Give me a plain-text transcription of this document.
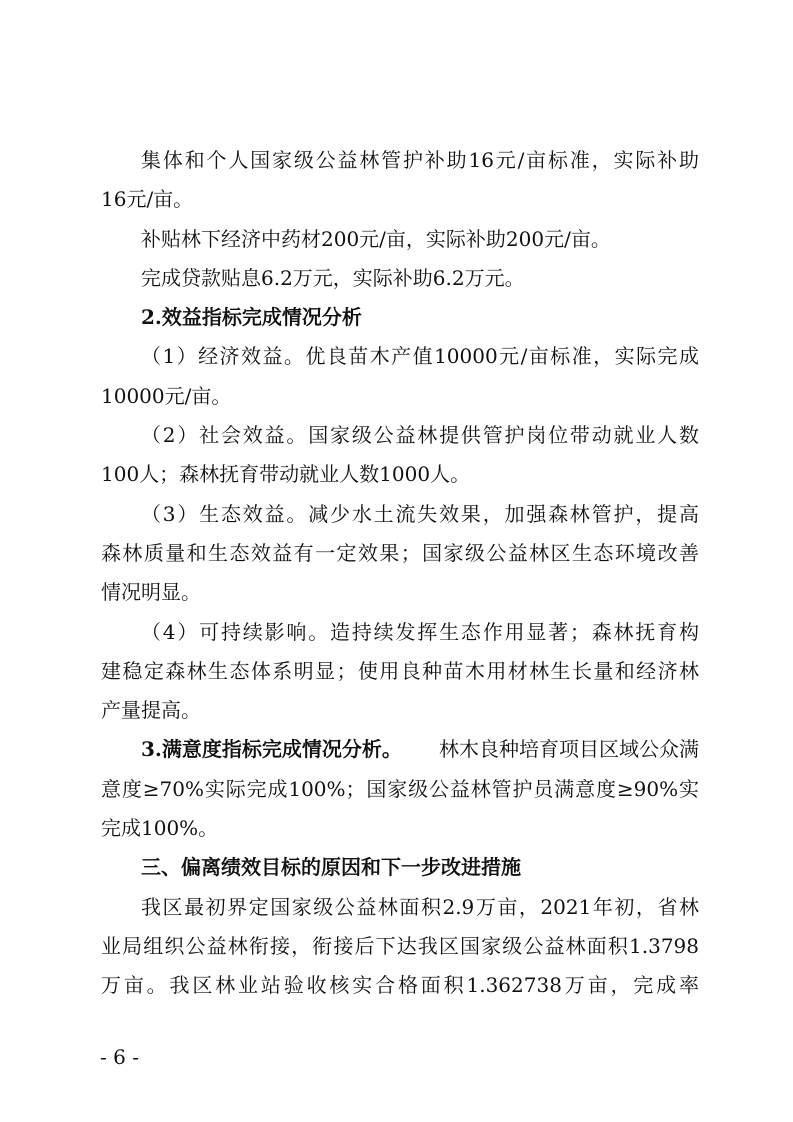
集体和个人国家级公益林管护补助16元/亩标准，实际补助
16元/亩。
补贴林下经济中药材200元/亩，实际补助200元/亩。
完成贷款贴息6.2万元，实际补助6.2万元。
2.效益指标完成情况分析
（1）经济效益。优良苗木产值10000元/亩标准，实际完成
10000元/亩。
（2）社会效益。国家级公益林提供管护岗位带动就业人数
100人；森林抚育带动就业人数1000人。
（3）生态效益。减少水土流失效果，加强森林管护，提高
森林质量和生态效益有一定效果；国家级公益林区生态环境改善
情况明显。
（4）可持续影响。造持续发挥生态作用显著；森林抚育构
建稳定森林生态体系明显；使用良种苗木用材林生长量和经济林
产量提高。
3.满意度指标完成情况分析。 林木良种培育项目区域公众满
意度≥70%实际完成100%；国家级公益林管护员满意度≥90%实
完成100%。
三、偏离绩效目标的原因和下一步改进措施
我区最初界定国家级公益林面积2.9万亩，2021年初，省林
业局组织公益林衔接，衔接后下达我区国家级公益林面积1.3798
万亩。我区林业站验收核实合格面积1.362738万亩，完成率
- 6 -
